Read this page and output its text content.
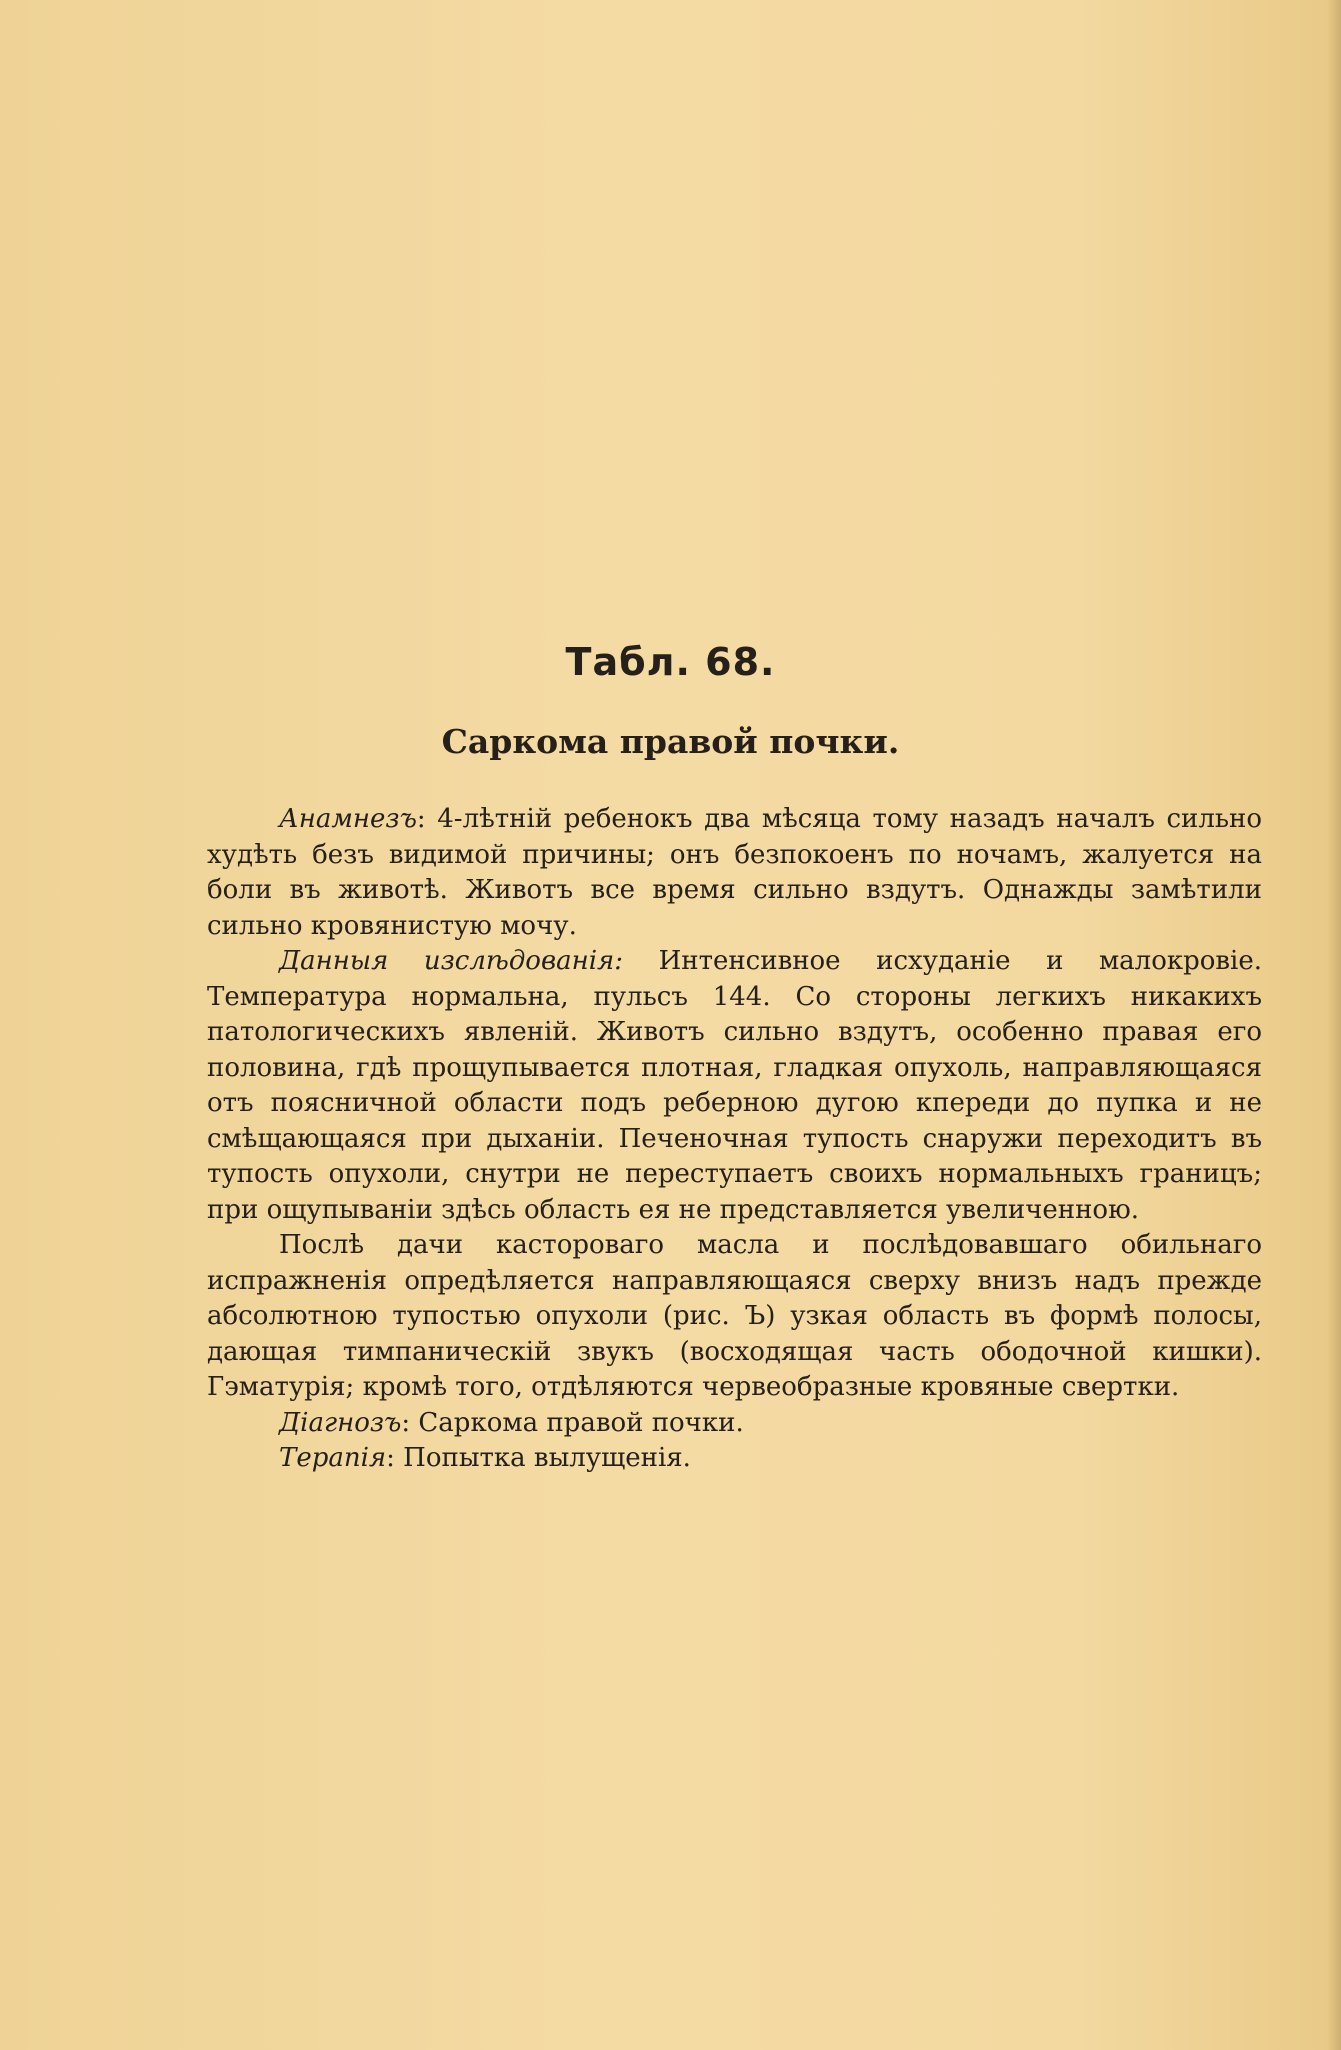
Табл. 68.
Саркома правой почки.

Анамнезъ: 4-лѣтній ребенокъ два мѣсяца тому назадъ началъ сильно худѣть безъ видимой причины; онъ безпокоенъ по ночамъ, жалуется на боли въ животѣ. Животъ все время сильно вздутъ. Однажды замѣтили сильно кровянистую мочу.

Данныя изслѣдованія: Интенсивное исхуданіе и малокровіе. Температура нормальна, пульсъ 144. Со стороны легкихъ никакихъ патологическихъ явленій. Животъ сильно вздутъ, особенно правая его половина, гдѣ прощупывается плотная, гладкая опухоль, направляющаяся отъ поясничной области подъ реберною дугою кпереди до пупка и не смѣщающаяся при дыханіи. Печеночная тупость снаружи переходитъ въ тупость опухоли, снутри не переступаетъ своихъ нормальныхъ границъ; при ощупываніи здѣсь область ея не представляется увеличенною.

Послѣ дачи касторовaго масла и послѣдовавшаго обильнаго испражненія опредѣляется направляющаяся сверху внизъ надъ прежде абсолютною тупостью опухоли (рис. Ъ) узкая область въ формѣ полосы, дающая тимпаническій звукъ (восходящая часть ободочной кишки). Гэматурія; кромѣ того, отдѣляются червеобразные кровяные свертки.

Діагнозъ: Саркома правой почки.

Терапія: Попытка вылущенія.
